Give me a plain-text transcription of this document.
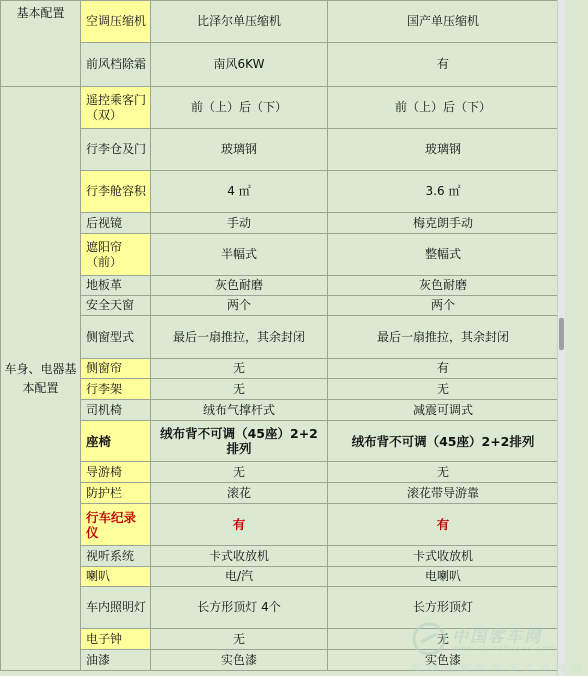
基本配置	空调压缩机	比泽尔单压缩机	国产单压缩机
	前风档除霜	南风6KW	有
车身、电器基本配置	遥控乘客门（双）	前（上）后（下）	前（上）后（下）
	行李仓及门	玻璃钢	玻璃钢
	行李舱容积	4 ㎡	3.6 ㎡
	后视镜	手动	梅克朗手动
	遮阳帘（前）	半幅式	整幅式
	地板革	灰色耐磨	灰色耐磨
	安全天窗	两个	两个
	侧窗型式	最后一扇推拉，其余封闭	最后一扇推拉，其余封闭
	侧窗帘	无	有
	行李架	无	无
	司机椅	绒布气撑杆式	减震可调式
	座椅	绒布背不可调（45座）2+2排列	绒布背不可调（45座）2+2排列
	导游椅	无	无
	防护栏	滚花	滚花带导游靠
	行车纪录仪	有	有
	视听系统	卡式收放机	卡式收放机
	喇叭	电/汽	电喇叭
	车内照明灯	长方形顶灯 4个	长方形顶灯
	电子钟	无	无
	油漆	实色漆	实色漆
中国客车网
www.chinabuses.com
值得信赖的客车专业网站
